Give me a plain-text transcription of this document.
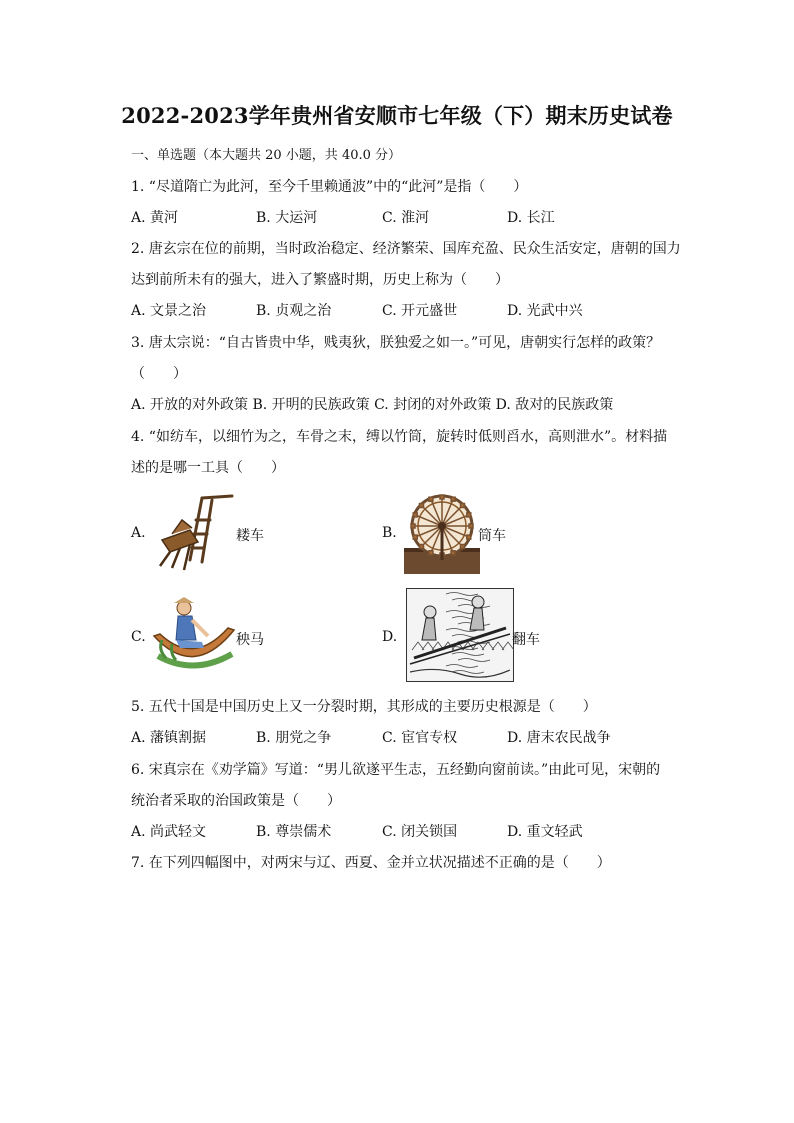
2022-2023学年贵州省安顺市七年级（下）期末历史试卷
一、单选题（本大题共 20 小题，共 40.0 分）
1. “尽道隋亡为此河，至今千里赖通波”中的“此河”是指（　　）
A. 黄河	B. 大运河	C. 淮河	D. 长江
2. 唐玄宗在位的前期，当时政治稳定、经济繁荣、国库充盈、民众生活安定，唐朝的国力
达到前所未有的强大，进入了繁盛时期，历史上称为（　　）
A. 文景之治	B. 贞观之治	C. 开元盛世	D. 光武中兴
3. 唐太宗说：“自古皆贵中华，贱夷狄，朕独爱之如一。”可见，唐朝实行怎样的政策？
（　　）
A. 开放的对外政策 B. 开明的民族政策 C. 封闭的对外政策 D. 敌对的民族政策
4. “如纺车，以细竹为之，车骨之末，缚以竹筒，旋转时低则舀水，高则泄水”。材料描
述的是哪一工具（　　）
A.	耧车	B.	筒车
C.	秧马	D.	翻车
5. 五代十国是中国历史上又一分裂时期，其形成的主要历史根源是（　　）
A. 藩镇割据	B. 朋党之争	C. 宦官专权	D. 唐末农民战争
6. 宋真宗在《劝学篇》写道：“男儿欲遂平生志，五经勤向窗前读。”由此可见，宋朝的
统治者采取的治国政策是（　　）
A. 尚武轻文	B. 尊崇儒术	C. 闭关锁国	D. 重文轻武
7. 在下列四幅图中，对两宋与辽、西夏、金并立状况描述不正确的是（　　）
